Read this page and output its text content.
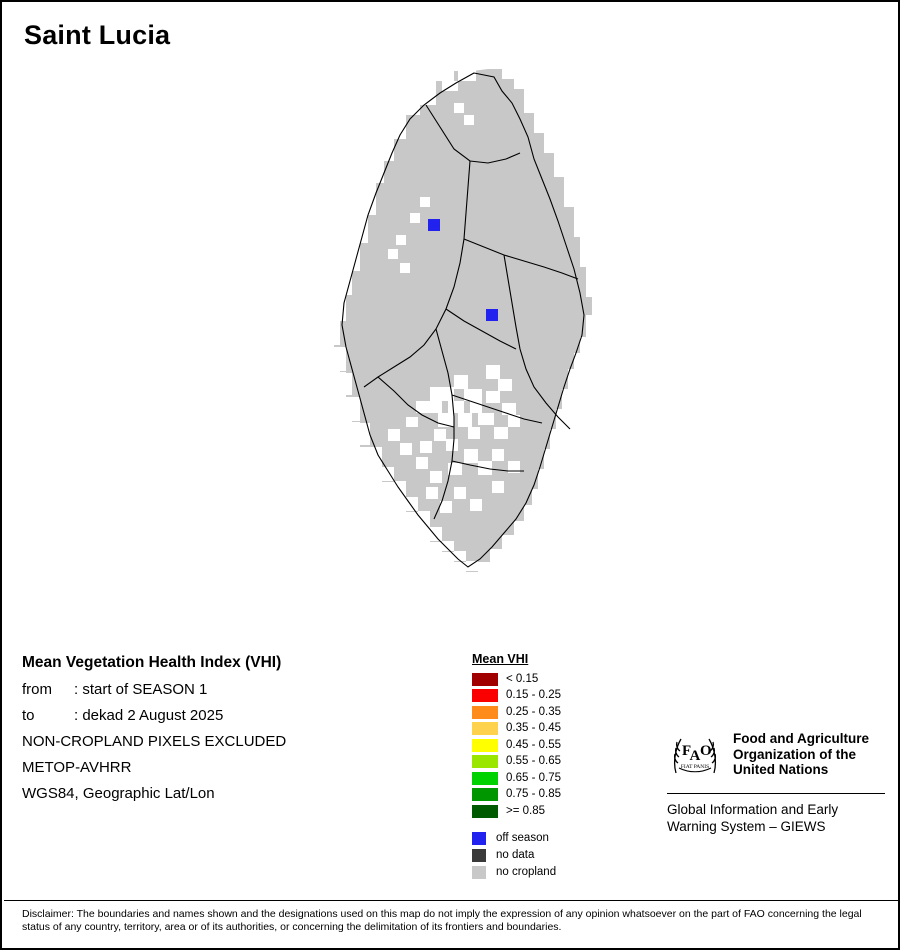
Saint Lucia
Mean Vegetation Health Index (VHI)
from : start of SEASON 1
to	: dekad 2 August 2025
NON-CROPLAND PIXELS EXCLUDED
METOP-AVHRR
WGS84, Geographic Lat/Lon
Mean VHI
< 0.15
0.15 - 0.25
0.25 - 0.35
0.35 - 0.45
0.45 - 0.55
0.55 - 0.65
0.65 - 0.75
0.75 - 0.85
>= 0.85
off season
no data
no cropland
F
A O
FIAT PANIS
Food and Agriculture
Organization of the
United Nations
Global Information and Early
Warning System – GIEWS
Disclaimer: The boundaries and names shown and the designations used on this map do not imply the expression of any opinion whatsoever on the part of FAO concerning the legal status of any country, territory, area or of its authorities, or concerning the delimitation of its frontiers and boundaries.
